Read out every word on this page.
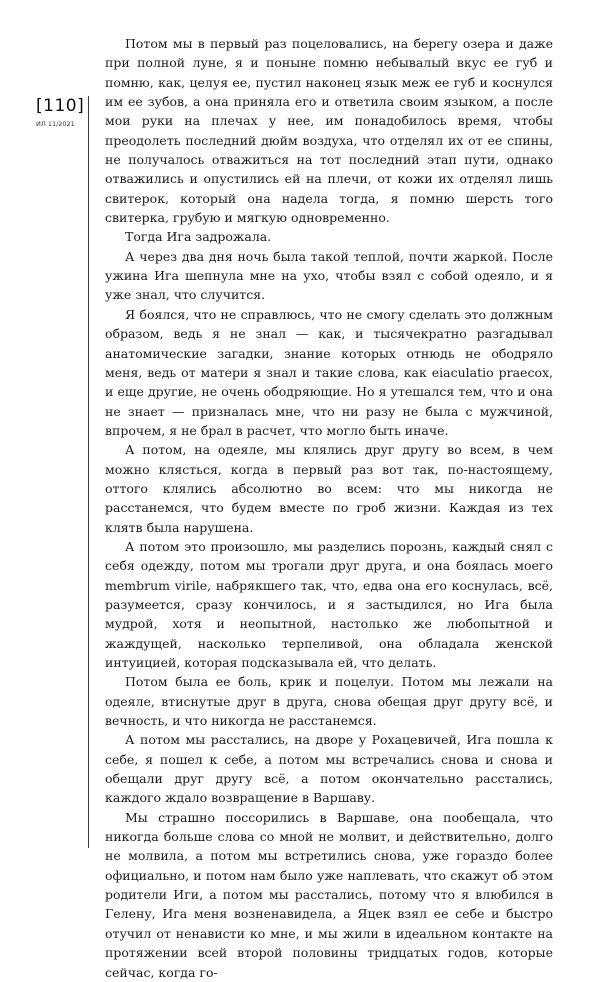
[110]
ИЛ 11/2021

Потом мы в первый раз поцеловались, на берегу озера и даже при полной луне, я и поныне помню небывалый вкус ее губ и помню, как, целуя ее, пустил наконец язык меж ее губ и коснулся им ее зубов, а она приняла его и ответила своим языком, а после мои руки на плечах у нее, им понадобилось время, чтобы преодолеть последний дюйм воздуха, что отделял их от ее спины, не получалось отважиться на тот последний этап пути, однако отважились и опустились ей на плечи, от кожи их отделял лишь свитерок, который она надела тогда, я помню шерсть того свитерка, грубую и мягкую одновременно.

Тогда Ига задрожала.

А через два дня ночь была такой теплой, почти жаркой. После ужина Ига шепнула мне на ухо, чтобы взял с собой одеяло, и я уже знал, что случится.

Я боялся, что не справлюсь, что не смогу сделать это должным образом, ведь я не знал — как, и тысячекратно разгадывал анатомические загадки, знание которых отнюдь не ободряло меня, ведь от матери я знал и такие слова, как eiaculatio praecox, и еще другие, не очень ободряющие. Но я утешался тем, что и она не знает — призналась мне, что ни разу не была с мужчиной, впрочем, я не брал в расчет, что могло быть иначе.

А потом, на одеяле, мы клялись друг другу во всем, в чем можно клясться, когда в первый раз вот так, по-настоящему, оттого клялись абсолютно во всем: что мы никогда не расстанемся, что будем вместе по гроб жизни. Каждая из тех клятв была нарушена.

А потом это произошло, мы разделись порознь, каждый снял с себя одежду, потом мы трогали друг друга, и она боялась моего membrum virile, набрякшего так, что, едва она его коснулась, всё, разумеется, сразу кончилось, и я застыдился, но Ига была мудрой, хотя и неопытной, настолько же любопытной и жаждущей, насколько терпеливой, она обладала женской интуицией, которая подсказывала ей, что делать.

Потом была ее боль, крик и поцелуи. Потом мы лежали на одеяле, втиснутые друг в друга, снова обещая друг другу всё, и вечность, и что никогда не расстанемся.

А потом мы расстались, на дворе у Рохацевичей, Ига пошла к себе, я пошел к себе, а потом мы встречались снова и снова и обещали друг другу всё, а потом окончательно расстались, каждого ждало возвращение в Варшаву.

Мы страшно поссорились в Варшаве, она пообещала, что никогда больше слова со мной не молвит, и действительно, долго не молвила, а потом мы встретились снова, уже гораздо более официально, и потом нам было уже наплевать, что скажут об этом родители Иги, а потом мы расстались, потому что я влюбился в Гелену, Ига меня возненавидела, а Яцек взял ее себе и быстро отучил от ненависти ко мне, и мы жили в идеальном контакте на протяжении всей второй половины тридцатых годов, которые сейчас, когда го-
